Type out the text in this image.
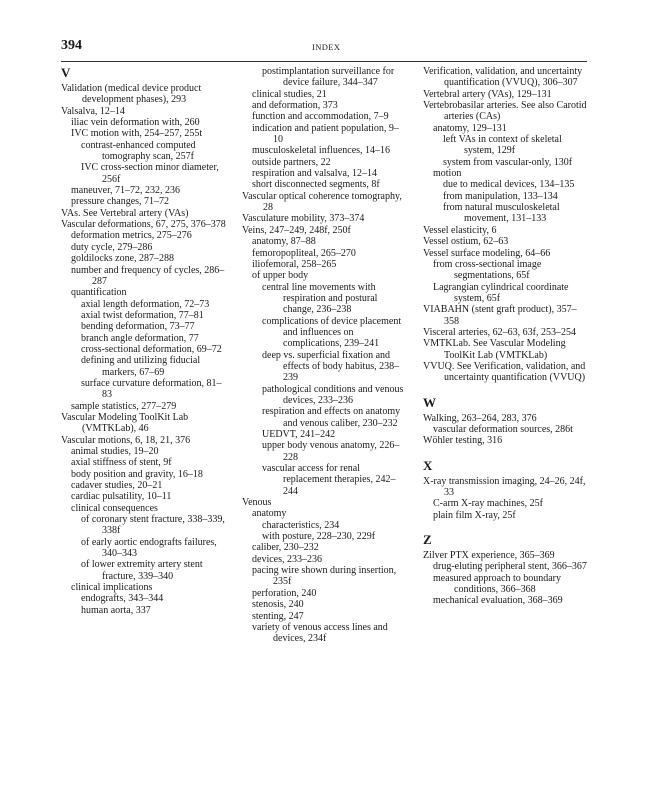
394	INDEX
V
Validation (medical device product development phases), 293
Valsalva, 12–14
iliac vein deformation with, 260
IVC motion with, 254–257, 255t
contrast-enhanced computed tomography scan, 257f
IVC cross-section minor diameter, 256f
maneuver, 71–72, 232, 236
pressure changes, 71–72
VAs. See Vertebral artery (VAs)
Vascular deformations, 67, 275, 376–378
deformation metrics, 275–276
duty cycle, 279–286
goldilocks zone, 287–288
number and frequency of cycles, 286–287
quantification
axial length deformation, 72–73
axial twist deformation, 77–81
bending deformation, 73–77
branch angle deformation, 77
cross-sectional deformation, 69–72
defining and utilizing fiducial markers, 67–69
surface curvature deformation, 81–83
sample statistics, 277–279
Vascular Modeling ToolKit Lab (VMTKLab), 46
Vascular motions, 6, 18, 21, 376
animal studies, 19–20
axial stiffness of stent, 9f
body position and gravity, 16–18
cadaver studies, 20–21
cardiac pulsatility, 10–11
clinical consequences
of coronary stent fracture, 338–339, 338f
of early aortic endografts failures, 340–343
of lower extremity artery stent fracture, 339–340
clinical implications
endografts, 343–344
human aorta, 337
postimplantation surveillance for device failure, 344–347
clinical studies, 21
and deformation, 373
function and accommodation, 7–9
indication and patient population, 9–10
musculoskeletal influences, 14–16
outside partners, 22
respiration and valsalva, 12–14
short disconnected segments, 8f
Vascular optical coherence tomography, 28
Vasculature mobility, 373–374
Veins, 247–249, 248f, 250f
anatomy, 87–88
femoropopliteal, 265–270
iliofemoral, 258–265
of upper body
central line movements with respiration and postural change, 236–238
complications of device placement and influences on complications, 239–241
deep vs. superficial fixation and effects of body habitus, 238–239
pathological conditions and venous devices, 233–236
respiration and effects on anatomy and venous caliber, 230–232
UEDVT, 241–242
upper body venous anatomy, 226–228
vascular access for renal replacement therapies, 242–244
Venous
anatomy
characteristics, 234
with posture, 228–230, 229f
caliber, 230–232
devices, 233–236
pacing wire shown during insertion, 235f
perforation, 240
stenosis, 240
stenting, 247
variety of venous access lines and devices, 234f
Verification, validation, and uncertainty quantification (VVUQ), 306–307
Vertebral artery (VAs), 129–131
Vertebrobasilar arteries. See also Carotid arteries (CAs)
anatomy, 129–131
left VAs in context of skeletal system, 129f
system from vascular-only, 130f
motion
due to medical devices, 134–135
from manipulation, 133–134
from natural musculoskeletal movement, 131–133
Vessel elasticity, 6
Vessel ostium, 62–63
Vessel surface modeling, 64–66
from cross-sectional image segmentations, 65f
Lagrangian cylindrical coordinate system, 65f
VIABAHN (stent graft product), 357–358
Visceral arteries, 62–63, 63f, 253–254
VMTKLab. See Vascular Modeling ToolKit Lab (VMTKLab)
VVUQ. See Verification, validation, and uncertainty quantification (VVUQ)
W
Walking, 263–264, 283, 376
vascular deformation sources, 286t
Wöhler testing, 316
X
X-ray transmission imaging, 24–26, 24f, 33
C-arm X-ray machines, 25f
plain film X-ray, 25f
Z
Zilver PTX experience, 365–369
drug-eluting peripheral stent, 366–367
measured approach to boundary conditions, 366–368
mechanical evaluation, 368–369
